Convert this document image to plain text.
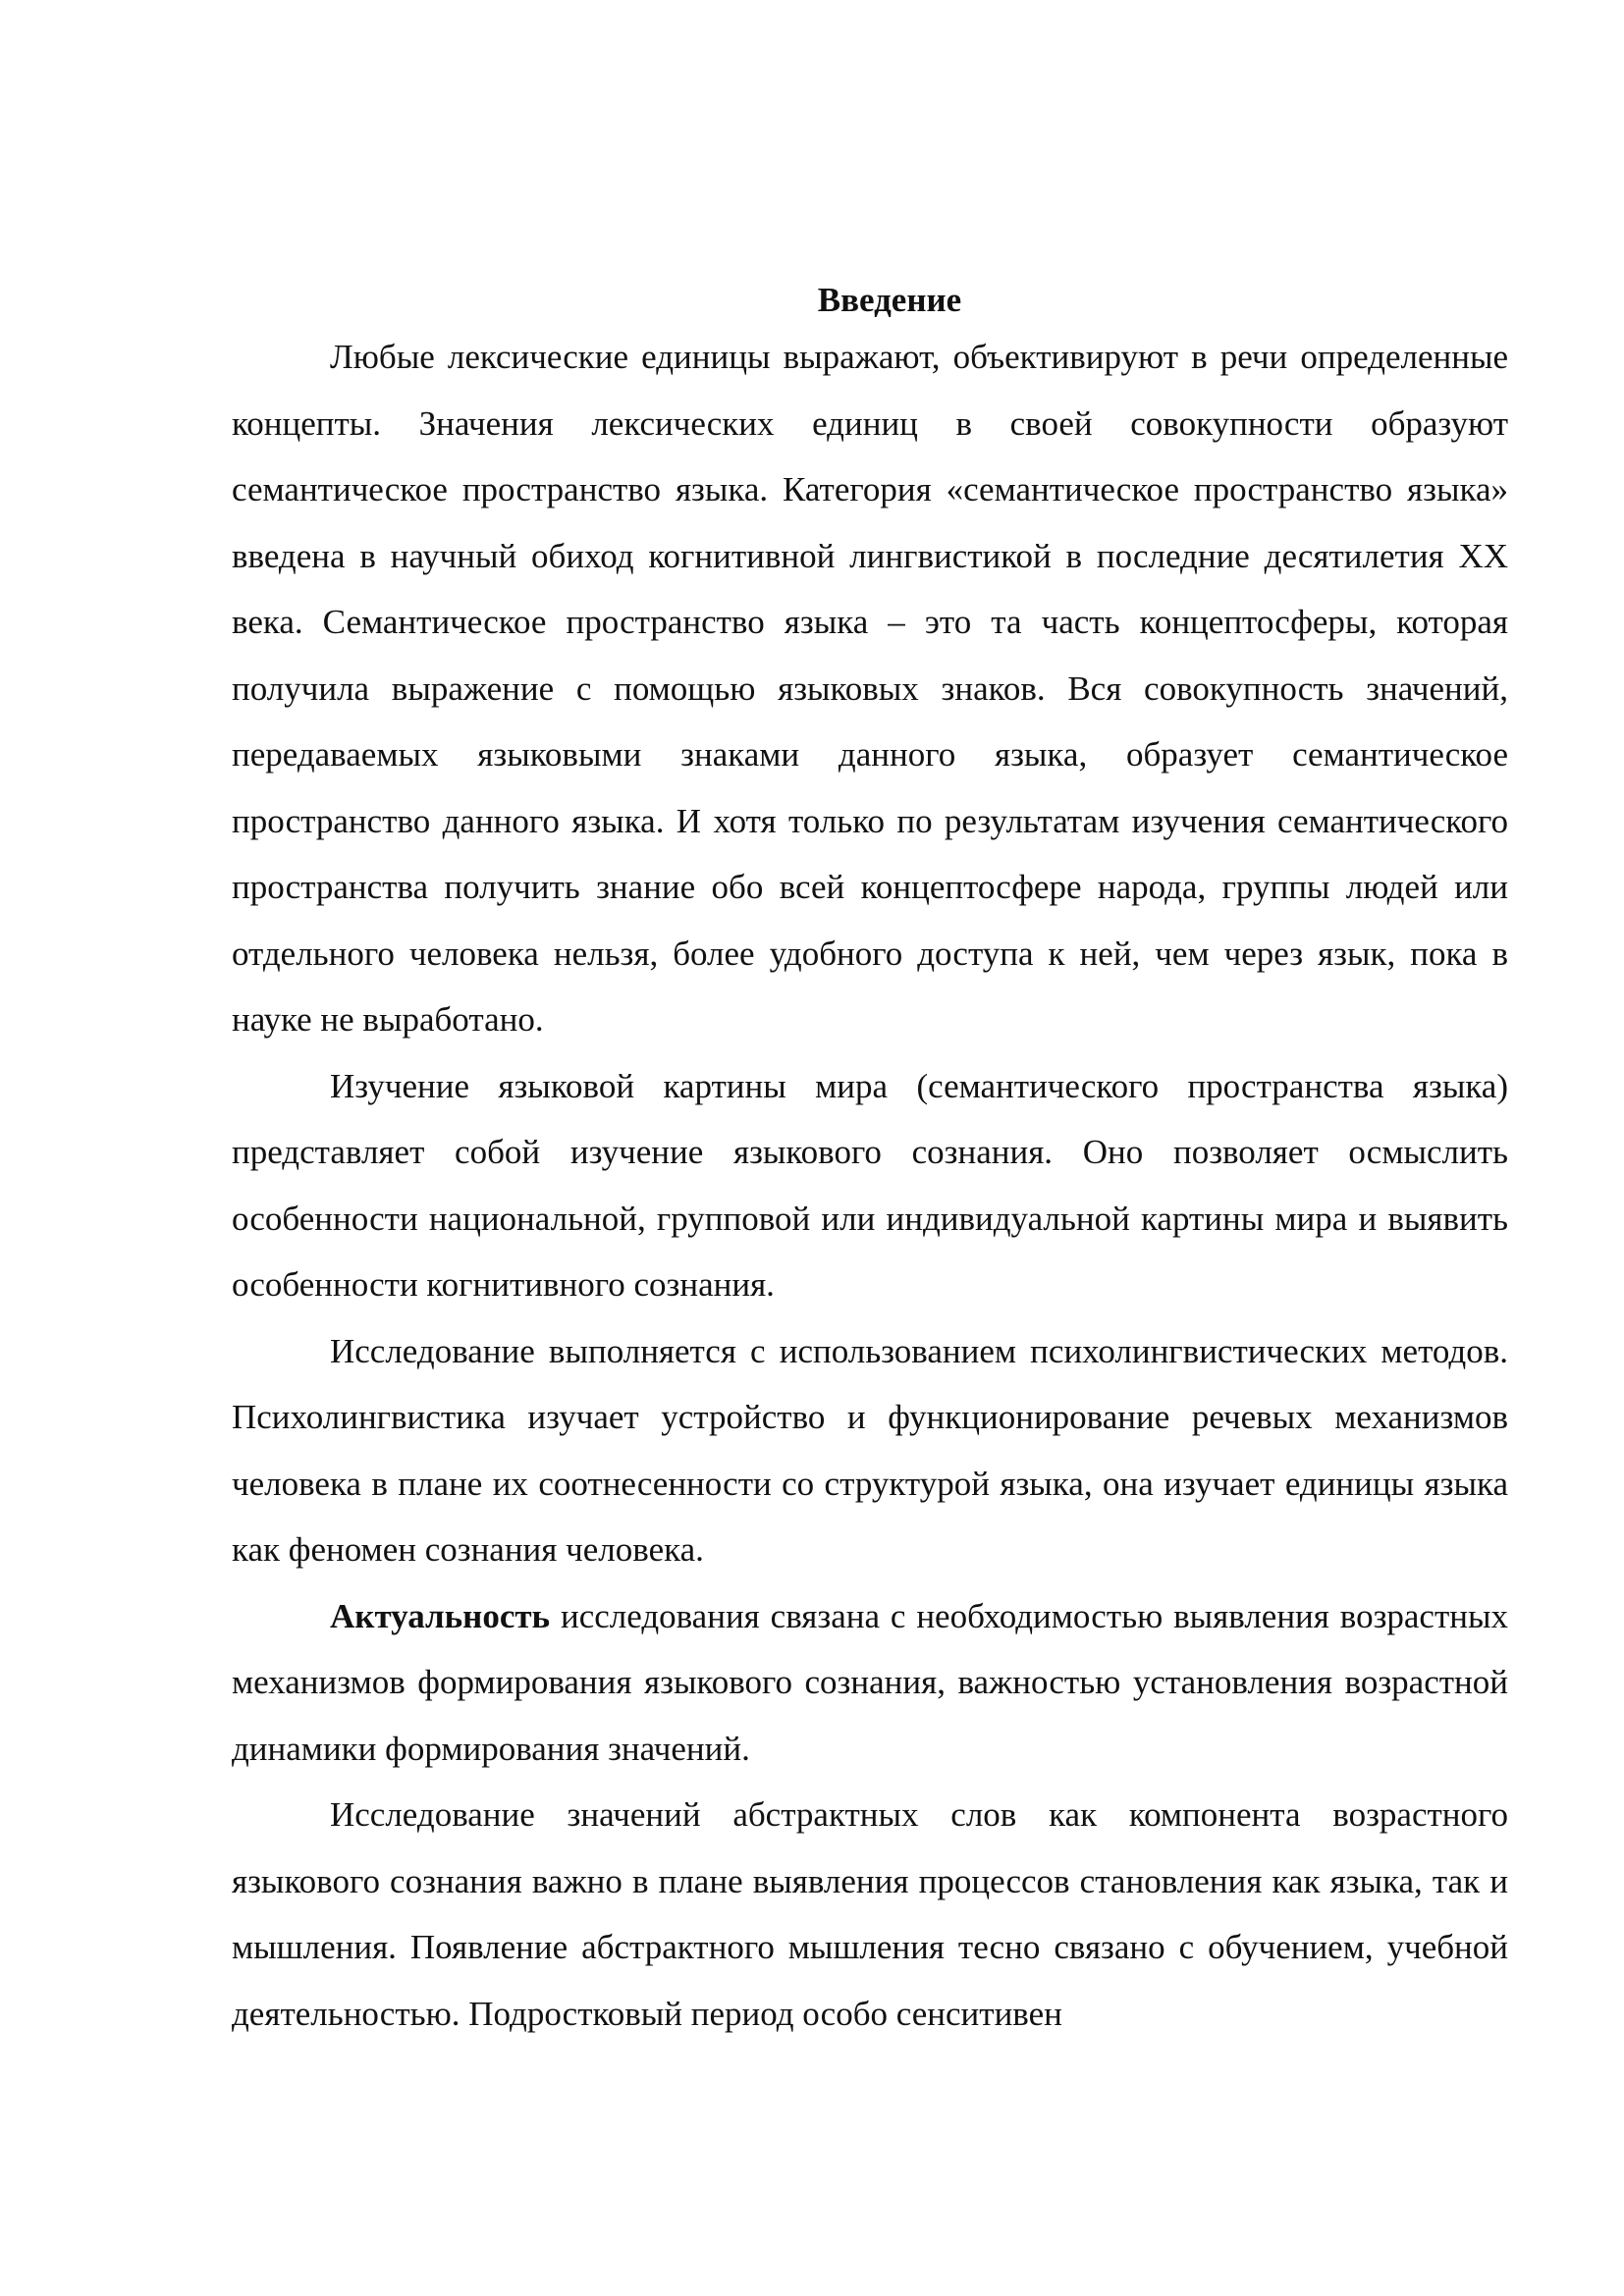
Введение

Любые лексические единицы выражают, объективируют в речи определенные концепты. Значения лексических единиц в своей совокупности образуют семантическое пространство языка. Категория «семантическое пространство языка» введена в научный обиход когнитивной лингвистикой в последние десятилетия XX века. Семантическое пространство языка – это та часть концептосферы, которая получила выражение с помощью языковых знаков. Вся совокупность значений, передаваемых языковыми знаками данного языка, образует семантическое пространство данного языка. И хотя только по результатам изучения семантического пространства получить знание обо всей концептосфере народа, группы людей или отдельного человека нельзя, более удобного доступа к ней, чем через язык, пока в науке не выработано.

Изучение языковой картины мира (семантического пространства языка) представляет собой изучение языкового сознания. Оно позволяет осмыслить особенности национальной, групповой или индивидуальной картины мира и выявить особенности когнитивного сознания.

Исследование выполняется с использованием психолингвистических методов. Психолингвистика изучает устройство и функционирование речевых механизмов человека в плане их соотнесенности со структурой языка, она изучает единицы языка как феномен сознания человека.

Актуальность исследования связана с необходимостью выявления возрастных механизмов формирования языкового сознания, важностью установления возрастной динамики формирования значений.

Исследование значений абстрактных слов как компонента возрастного языкового сознания важно в плане выявления процессов становления как языка, так и мышления. Появление абстрактного мышления тесно связано с обучением, учебной деятельностью. Подростковый период особо сенситивен
